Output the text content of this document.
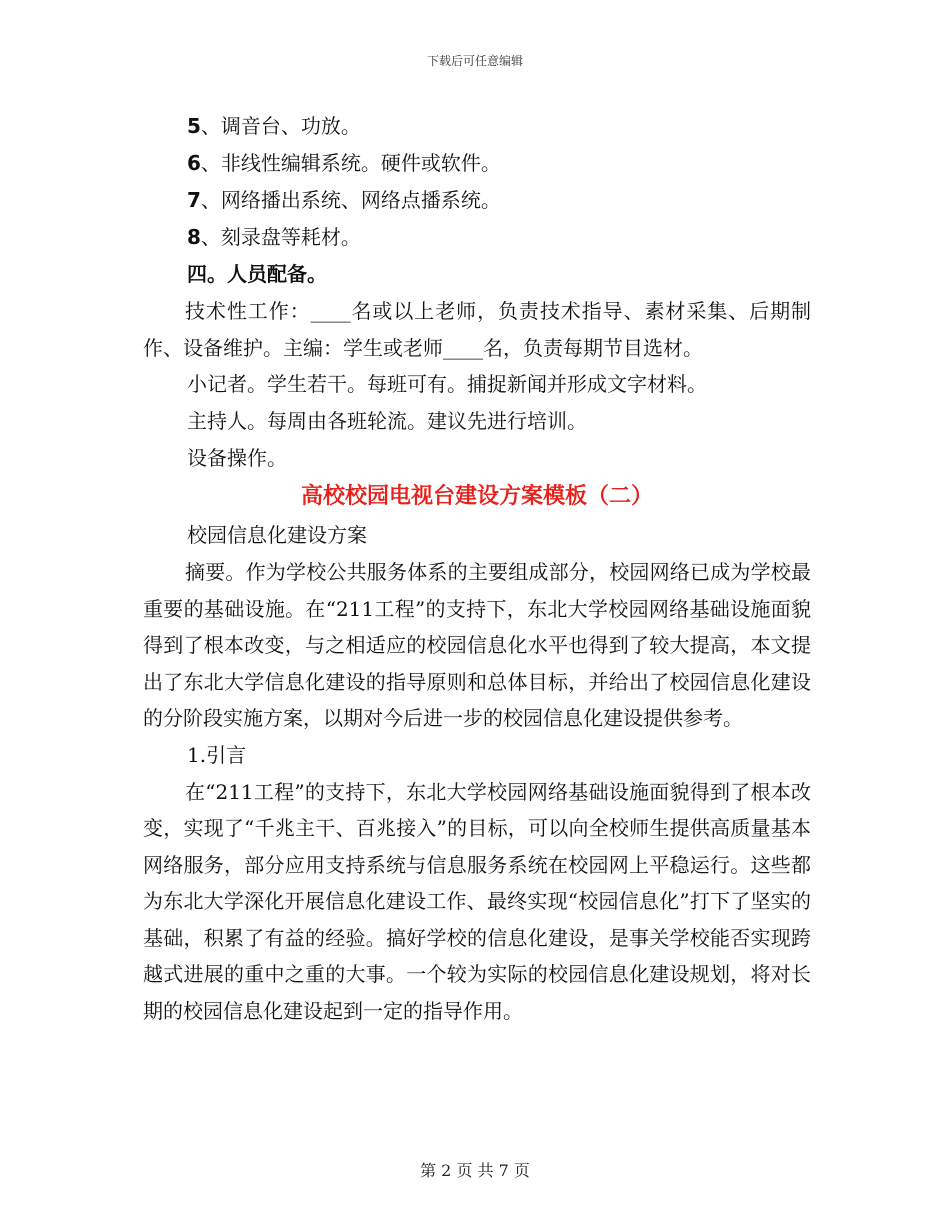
下载后可任意编辑
5、调音台、功放。
6、非线性编辑系统。硬件或软件。
7、网络播出系统、网络点播系统。
8、刻录盘等耗材。
四。人员配备。
技术性工作：____名或以上老师，负责技术指导、素材采集、后期制作、设备维护。主编：学生或老师____名，负责每期节目选材。
小记者。学生若干。每班可有。捕捉新闻并形成文字材料。
主持人。每周由各班轮流。建议先进行培训。
设备操作。
高校校园电视台建设方案模板（二）
校园信息化建设方案
摘要。作为学校公共服务体系的主要组成部分，校园网络已成为学校最重要的基础设施。在“211工程”的支持下，东北大学校园网络基础设施面貌得到了根本改变，与之相适应的校园信息化水平也得到了较大提高，本文提出了东北大学信息化建设的指导原则和总体目标，并给出了校园信息化建设的分阶段实施方案，以期对今后进一步的校园信息化建设提供参考。
1.引言
在“211工程”的支持下，东北大学校园网络基础设施面貌得到了根本改变，实现了“千兆主干、百兆接入”的目标，可以向全校师生提供高质量基本网络服务，部分应用支持系统与信息服务系统在校园网上平稳运行。这些都为东北大学深化开展信息化建设工作、最终实现“校园信息化”打下了坚实的基础，积累了有益的经验。搞好学校的信息化建设，是事关学校能否实现跨越式进展的重中之重的大事。一个较为实际的校园信息化建设规划，将对长期的校园信息化建设起到一定的指导作用。
第 2 页 共 7 页
